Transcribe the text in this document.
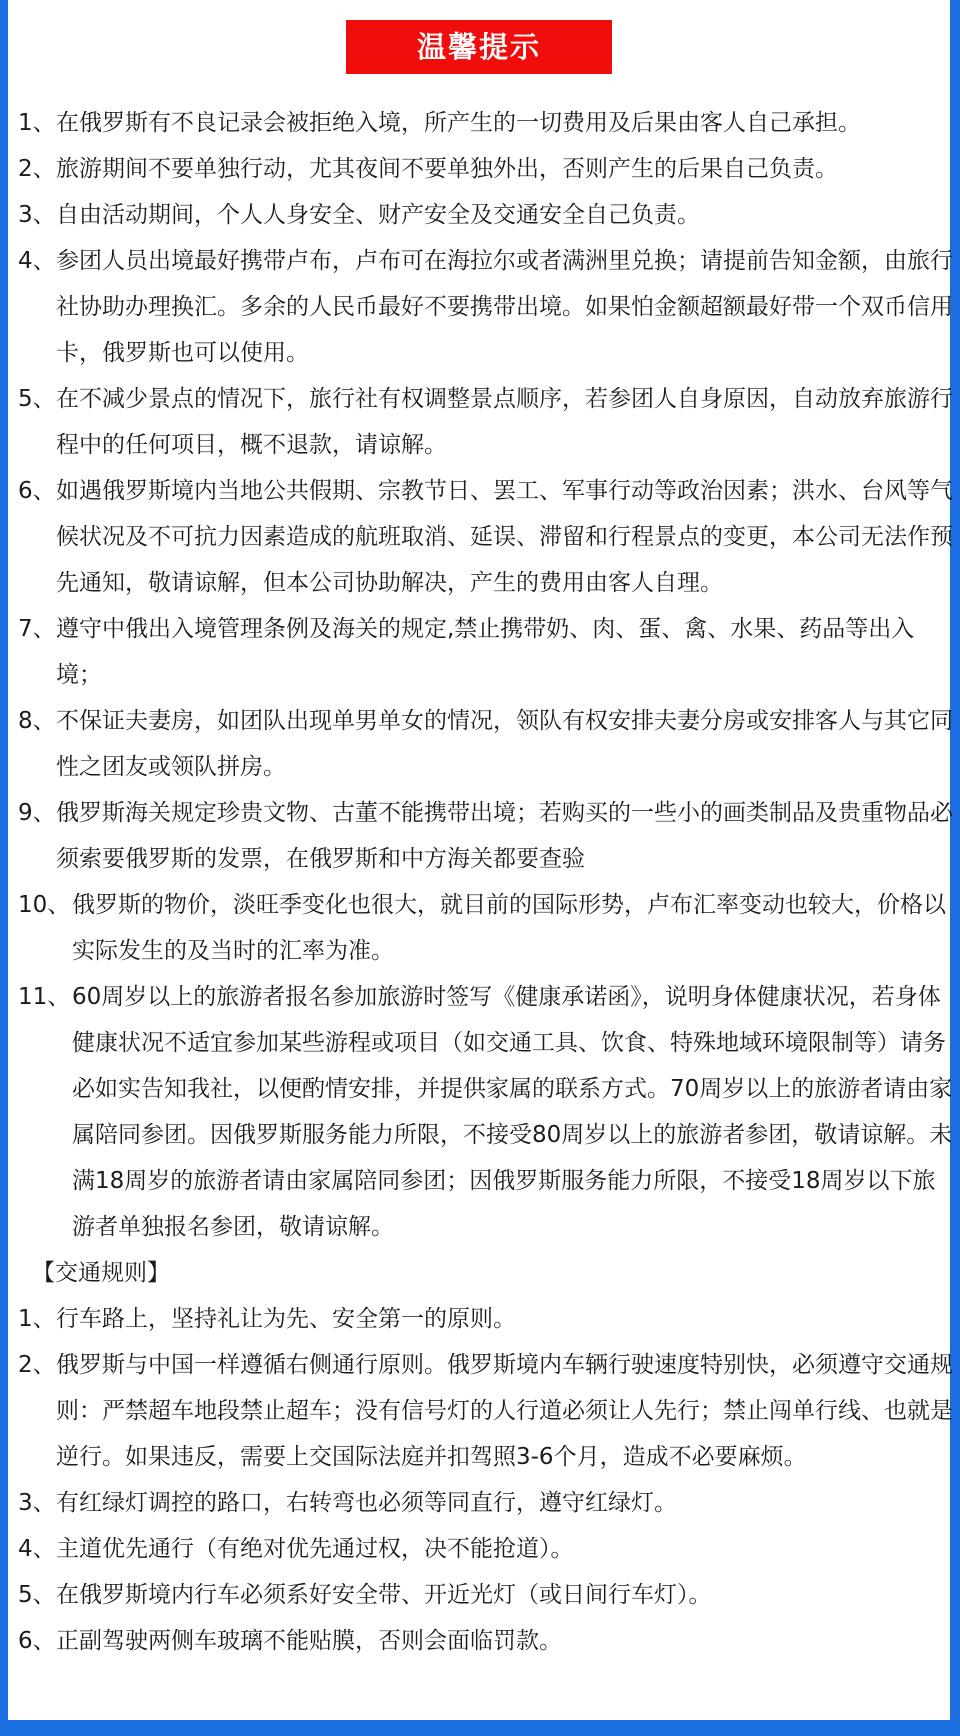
温馨提示
1、 在俄罗斯有不良记录会被拒绝入境，所产生的一切费用及后果由客人自己承担。
2、 旅游期间不要单独行动，尤其夜间不要单独外出，否则产生的后果自己负责。
3、 自由活动期间，个人人身安全、财产安全及交通安全自己负责。
4、 参团人员出境最好携带卢布，卢布可在海拉尔或者满洲里兑换；请提前告知金额，由旅行社协助办理换汇。多余的人民币最好不要携带出境。如果怕金额超额最好带一个双币信用卡，俄罗斯也可以使用。
5、 在不减少景点的情况下，旅行社有权调整景点顺序，若参团人自身原因，自动放弃旅游行程中的任何项目，概不退款，请谅解。
6、 如遇俄罗斯境内当地公共假期、宗教节日、罢工、军事行动等政治因素；洪水、台风等气候状况及不可抗力因素造成的航班取消、延误、滞留和行程景点的变更，本公司无法作预先通知，敬请谅解，但本公司协助解决，产生的费用由客人自理。
7、 遵守中俄出入境管理条例及海关的规定,禁止携带奶、肉、蛋、禽、水果、药品等出入境；
8、 不保证夫妻房，如团队出现单男单女的情况，领队有权安排夫妻分房或安排客人与其它同性之团友或领队拼房。
9、 俄罗斯海关规定珍贵文物、古董不能携带出境；若购买的一些小的画类制品及贵重物品必须索要俄罗斯的发票，在俄罗斯和中方海关都要查验
10、 俄罗斯的物价，淡旺季变化也很大，就目前的国际形势，卢布汇率变动也较大，价格以实际发生的及当时的汇率为准。
11、 60周岁以上的旅游者报名参加旅游时签写《健康承诺函》，说明身体健康状况，若身体健康状况不适宜参加某些游程或项目（如交通工具、饮食、特殊地域环境限制等）请务必如实告知我社，以便酌情安排，并提供家属的联系方式。70周岁以上的旅游者请由家属陪同参团。因俄罗斯服务能力所限，不接受80周岁以上的旅游者参团，敬请谅解。未满18周岁的旅游者请由家属陪同参团；因俄罗斯服务能力所限，不接受18周岁以下旅游者单独报名参团，敬请谅解。
【交通规则】
1、 行车路上，坚持礼让为先、安全第一的原则。
2、 俄罗斯与中国一样遵循右侧通行原则。俄罗斯境内车辆行驶速度特别快，必须遵守交通规则：严禁超车地段禁止超车；没有信号灯的人行道必须让人先行；禁止闯单行线、也就是逆行。如果违反，需要上交国际法庭并扣驾照3-6个月，造成不必要麻烦。
3、 有红绿灯调控的路口，右转弯也必须等同直行，遵守红绿灯。
4、 主道优先通行（有绝对优先通过权，决不能抢道）。
5、 在俄罗斯境内行车必须系好安全带、开近光灯（或日间行车灯）。
6、 正副驾驶两侧车玻璃不能贴膜，否则会面临罚款。
